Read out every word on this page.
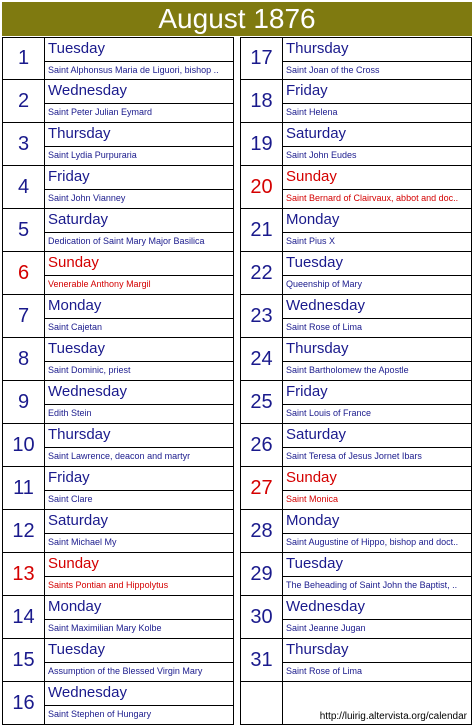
August 1876
1	Tuesday
Saint Alphonsus Maria de Liguori, bishop ..
2	Wednesday
Saint Peter Julian Eymard
3	Thursday
Saint Lydia Purpuraria
4	Friday
Saint John Vianney
5	Saturday
Dedication of Saint Mary Major Basilica
6	Sunday
Venerable Anthony Margil
7	Monday
Saint Cajetan
8	Tuesday
Saint Dominic, priest
9	Wednesday
Edith Stein
10 Thursday
Saint Lawrence, deacon and martyr
11 Friday
Saint Clare
12 Saturday
Saint Michael My
13 Sunday
Saints Pontian and Hippolytus
14 Monday
Saint Maximilian Mary Kolbe
15 Tuesday
Assumption of the Blessed Virgin Mary
16 Wednesday
Saint Stephen of Hungary
17 Thursday
Saint Joan of the Cross
18 Friday
Saint Helena
19 Saturday
Saint John Eudes
20 Sunday
Saint Bernard of Clairvaux, abbot and doc..
21 Monday
Saint Pius X
22 Tuesday
Queenship of Mary
23 Wednesday
Saint Rose of Lima
24 Thursday
Saint Bartholomew the Apostle
25 Friday
Saint Louis of France
26 Saturday
Saint Teresa of Jesus Jornet Ibars
27 Sunday
Saint Monica
28 Monday
Saint Augustine of Hippo, bishop and doct..
29 Tuesday
The Beheading of Saint John the Baptist, ..
30 Wednesday
Saint Jeanne Jugan
31 Thursday
Saint Rose of Lima
http://luirig.altervista.org/calendar
